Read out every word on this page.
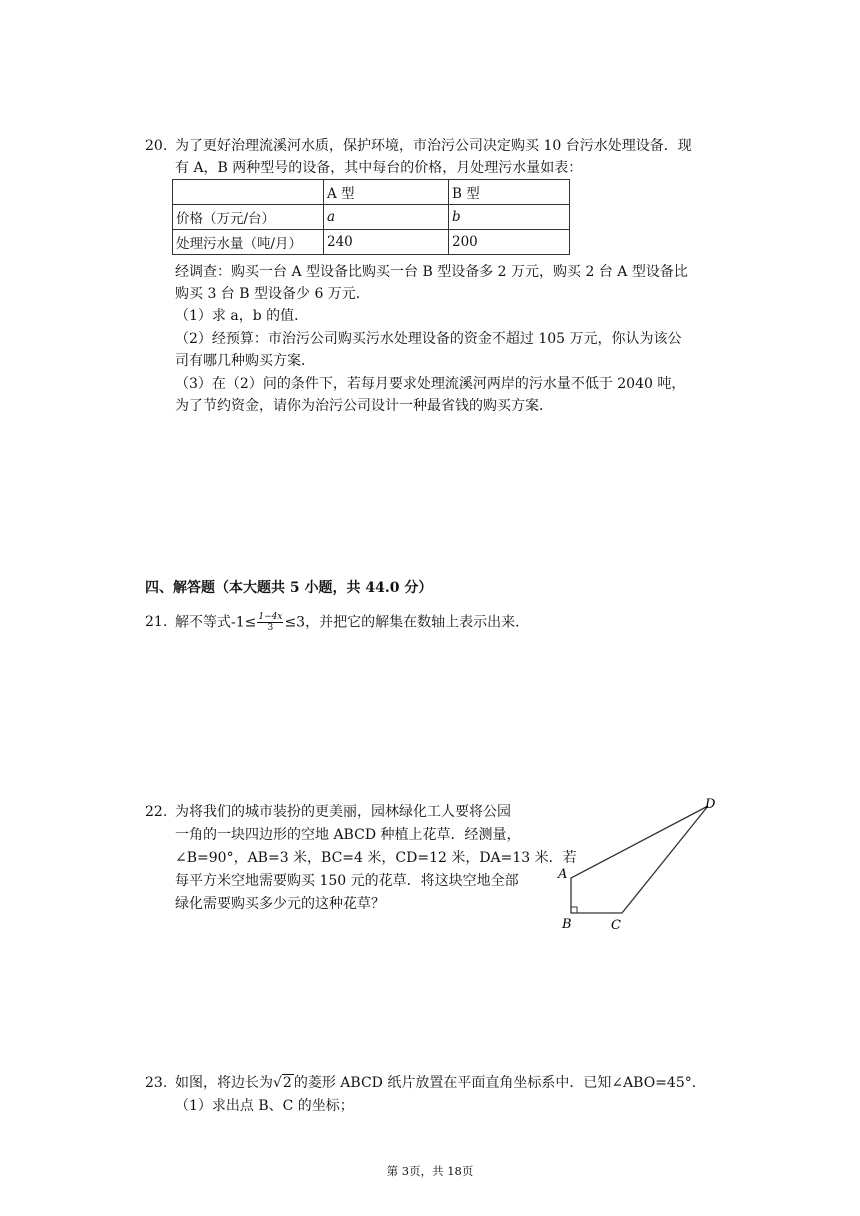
20. 为了更好治理流溪河水质，保护环境，市治污公司决定购买 10 台污水处理设备．现
有 A，B 两种型号的设备，其中每台的价格，月处理污水量如表：
	A 型	B 型
价格（万元/台）	a	b
处理污水量（吨/月）	240	200
经调查：购买一台 A 型设备比购买一台 B 型设备多 2 万元，购买 2 台 A 型设备比
购买 3 台 B 型设备少 6 万元．
（1）求 a，b 的值．
（2）经预算：市治污公司购买污水处理设备的资金不超过 105 万元，你认为该公
司有哪几种购买方案．
（3）在（2）问的条件下，若每月要求处理流溪河两岸的污水量不低于 2040 吨，
为了节约资金，请你为治污公司设计一种最省钱的购买方案．
四、解答题（本大题共 5 小题，共 44.0 分）
21. 解不等式$-1\le \frac{1-4x}{3} \le 3$，并把它的解集在数轴上表示出来．
22. 为将我们的城市装扮的更美丽，园林绿化工人要将公园
一角的一块四边形的空地 ABCD 种植上花草．经测量，
∠B=90°，AB=3 米，BC=4 米，CD=12 米，DA=13 米．若
每平方米空地需要购买 150 元的花草．将这块空地全部
绿化需要购买多少元的这种花草？
A
B	C
D
23. 如图，将边长为√2 的菱形 ABCD 纸片放置在平面直角坐标系中．已知∠ABO=45°．
（1）求出点 B、C 的坐标；
第 3页，共 18页
